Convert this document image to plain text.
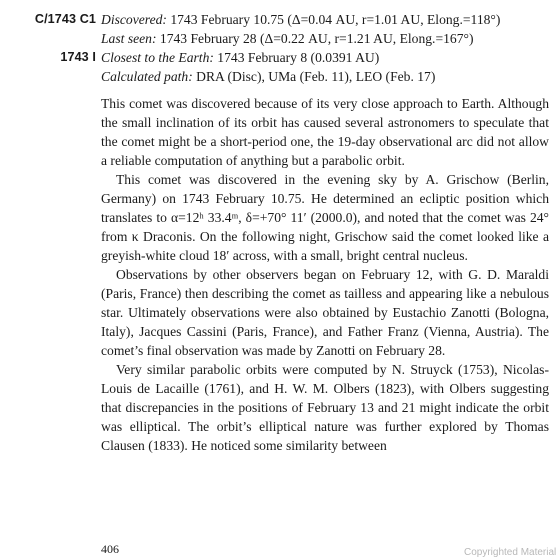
C/1743 C1 Discovered: 1743 February 10.75 (Δ=0.04 AU, r=1.01 AU, Elong.=118°)
Last seen: 1743 February 28 (Δ=0.22 AU, r=1.21 AU, Elong.=167°)
1743 I Closest to the Earth: 1743 February 8 (0.0391 AU)
Calculated path: DRA (Disc), UMa (Feb. 11), LEO (Feb. 17)

This comet was discovered because of its very close approach to Earth. Although the small inclination of its orbit has caused several astronomers to speculate that the comet might be a short-period one, the 19-day observational arc did not allow a reliable computation of anything but a parabolic orbit.

This comet was discovered in the evening sky by A. Grischow (Berlin, Germany) on 1743 February 10.75. He determined an ecliptic position which translates to α=12ʰ 33.4ᵐ, δ=+70° 11′ (2000.0), and noted that the comet was 24° from κ Draconis. On the following night, Grischow said the comet looked like a greyish-white cloud 18′ across, with a small, bright central nucleus.

Observations by other observers began on February 12, with G. D. Maraldi (Paris, France) then describing the comet as tailless and appearing like a nebulous star. Ultimately observations were also obtained by Eustachio Zanotti (Bologna, Italy), Jacques Cassini (Paris, France), and Father Franz (Vienna, Austria). The comet’s final observation was made by Zanotti on February 28.

Very similar parabolic orbits were computed by N. Struyck (1753), Nicolas-Louis de Lacaille (1761), and H. W. M. Olbers (1823), with Olbers suggesting that discrepancies in the positions of February 13 and 21 might indicate the orbit was elliptical. The orbit’s elliptical nature was further explored by Thomas Clausen (1833). He noticed some similarity between

406	Copyrighted Material
